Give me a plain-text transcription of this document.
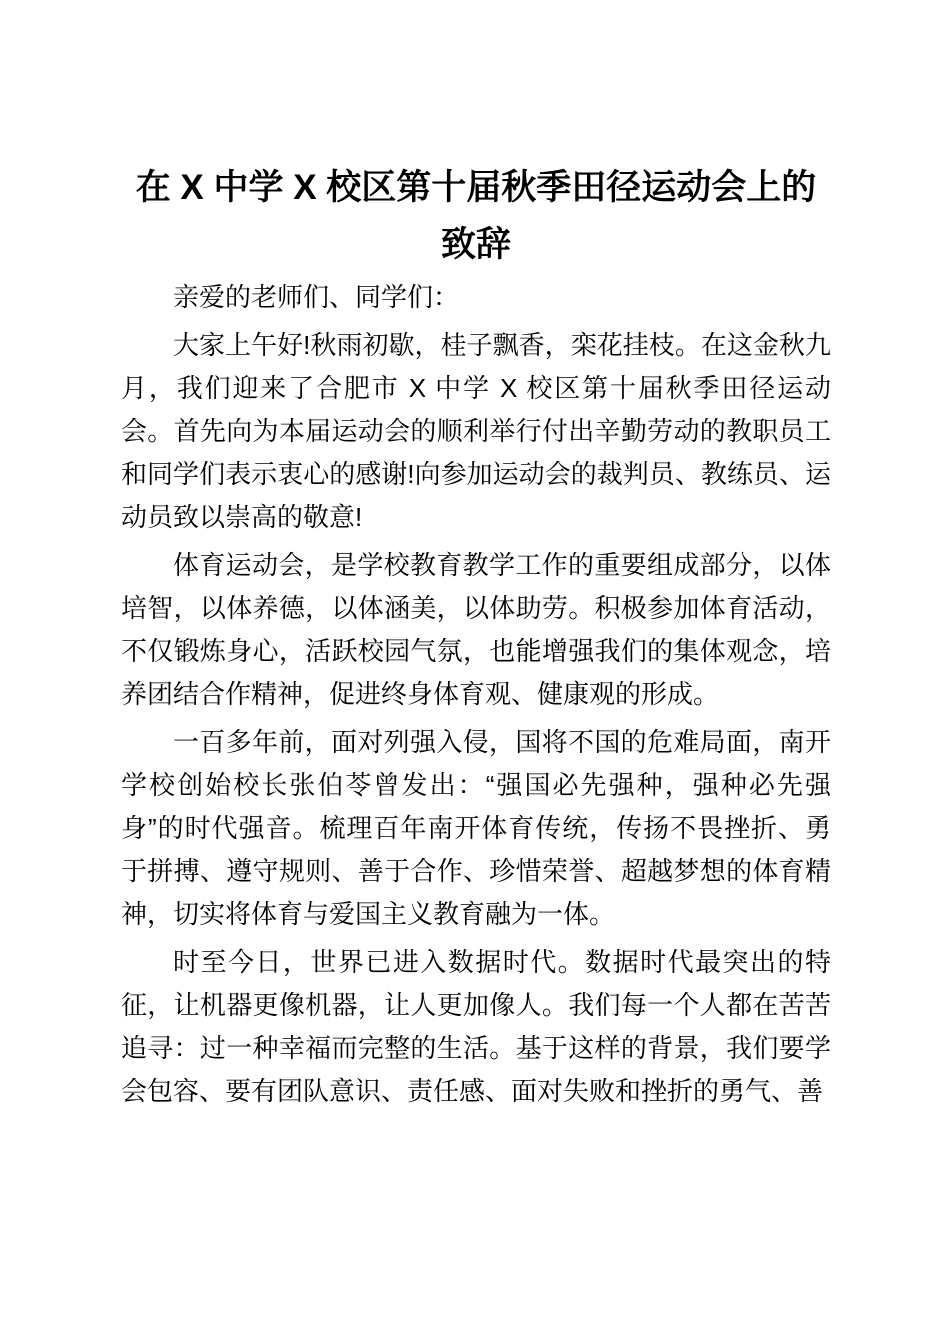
在 X 中学 X 校区第十届秋季田径运动会上的致辞

亲爱的老师们、同学们：

大家上午好!秋雨初歇，桂子飘香，栾花挂枝。在这金秋九月，我们迎来了合肥市 X 中学 X 校区第十届秋季田径运动会。首先向为本届运动会的顺利举行付出辛勤劳动的教职员工和同学们表示衷心的感谢!向参加运动会的裁判员、教练员、运动员致以崇高的敬意!

体育运动会，是学校教育教学工作的重要组成部分，以体培智，以体养德，以体涵美，以体助劳。积极参加体育活动，不仅锻炼身心，活跃校园气氛，也能增强我们的集体观念，培养团结合作精神，促进终身体育观、健康观的形成。

一百多年前，面对列强入侵，国将不国的危难局面，南开学校创始校长张伯苓曾发出：“强国必先强种，强种必先强身”的时代强音。梳理百年南开体育传统，传扬不畏挫折、勇于拼搏、遵守规则、善于合作、珍惜荣誉、超越梦想的体育精神，切实将体育与爱国主义教育融为一体。

时至今日，世界已进入数据时代。数据时代最突出的特征，让机器更像机器，让人更加像人。我们每一个人都在苦苦追寻：过一种幸福而完整的生活。基于这样的背景，我们要学会包容、要有团队意识、责任感、面对失败和挫折的勇气、善
